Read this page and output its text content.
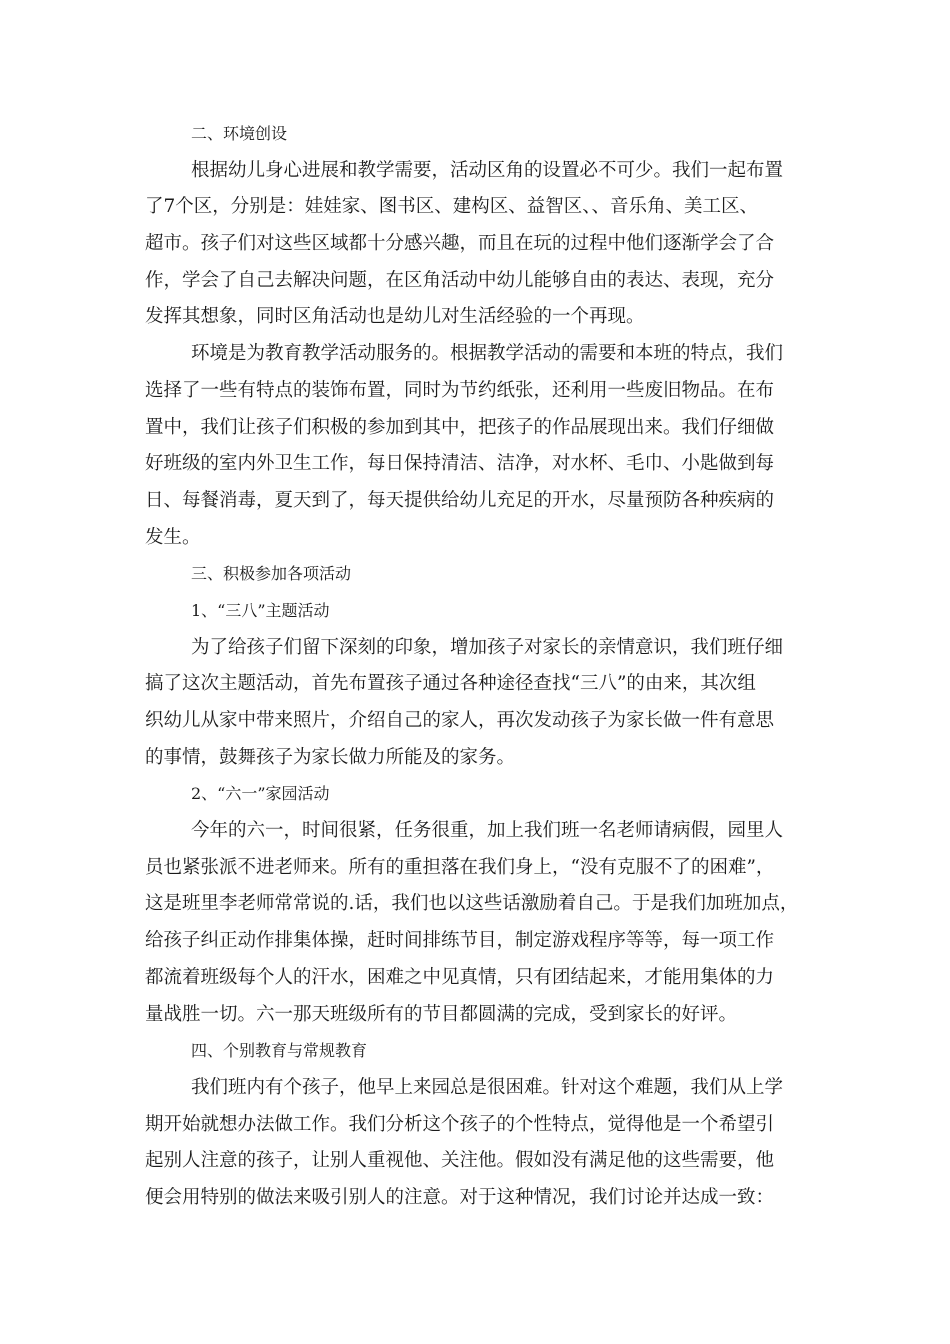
二、环境创设
根据幼儿身心进展和教学需要，活动区角的设置必不可少。我们一起布置
了7个区，分别是：娃娃家、图书区、建构区、益智区、、音乐角、美工区、
超市。孩子们对这些区域都十分感兴趣，而且在玩的过程中他们逐渐学会了合
作，学会了自己去解决问题，在区角活动中幼儿能够自由的表达、表现，充分
发挥其想象，同时区角活动也是幼儿对生活经验的一个再现。
环境是为教育教学活动服务的。根据教学活动的需要和本班的特点，我们
选择了一些有特点的装饰布置，同时为节约纸张，还利用一些废旧物品。在布
置中，我们让孩子们积极的参加到其中，把孩子的作品展现出来。我们仔细做
好班级的室内外卫生工作，每日保持清洁、洁净，对水杯、毛巾、小匙做到每
日、每餐消毒，夏天到了，每天提供给幼儿充足的开水，尽量预防各种疾病的
发生。
三、积极参加各项活动
1、“三八”主题活动
为了给孩子们留下深刻的印象，增加孩子对家长的亲情意识，我们班仔细
搞了这次主题活动，首先布置孩子通过各种途径查找“三八”的由来，其次组
织幼儿从家中带来照片，介绍自己的家人，再次发动孩子为家长做一件有意思
的事情，鼓舞孩子为家长做力所能及的家务。
2、“六一”家园活动
今年的六一，时间很紧，任务很重，加上我们班一名老师请病假，园里人
员也紧张派不进老师来。所有的重担落在我们身上，“没有克服不了的困难”，
这是班里李老师常常说的.话，我们也以这些话激励着自己。于是我们加班加点，
给孩子纠正动作排集体操，赶时间排练节目，制定游戏程序等等，每一项工作
都流着班级每个人的汗水，困难之中见真情，只有团结起来，才能用集体的力
量战胜一切。六一那天班级所有的节目都圆满的完成，受到家长的好评。
四、个别教育与常规教育
我们班内有个孩子，他早上来园总是很困难。针对这个难题，我们从上学
期开始就想办法做工作。我们分析这个孩子的个性特点，觉得他是一个希望引
起别人注意的孩子，让别人重视他、关注他。假如没有满足他的这些需要，他
便会用特别的做法来吸引别人的注意。对于这种情况，我们讨论并达成一致：
